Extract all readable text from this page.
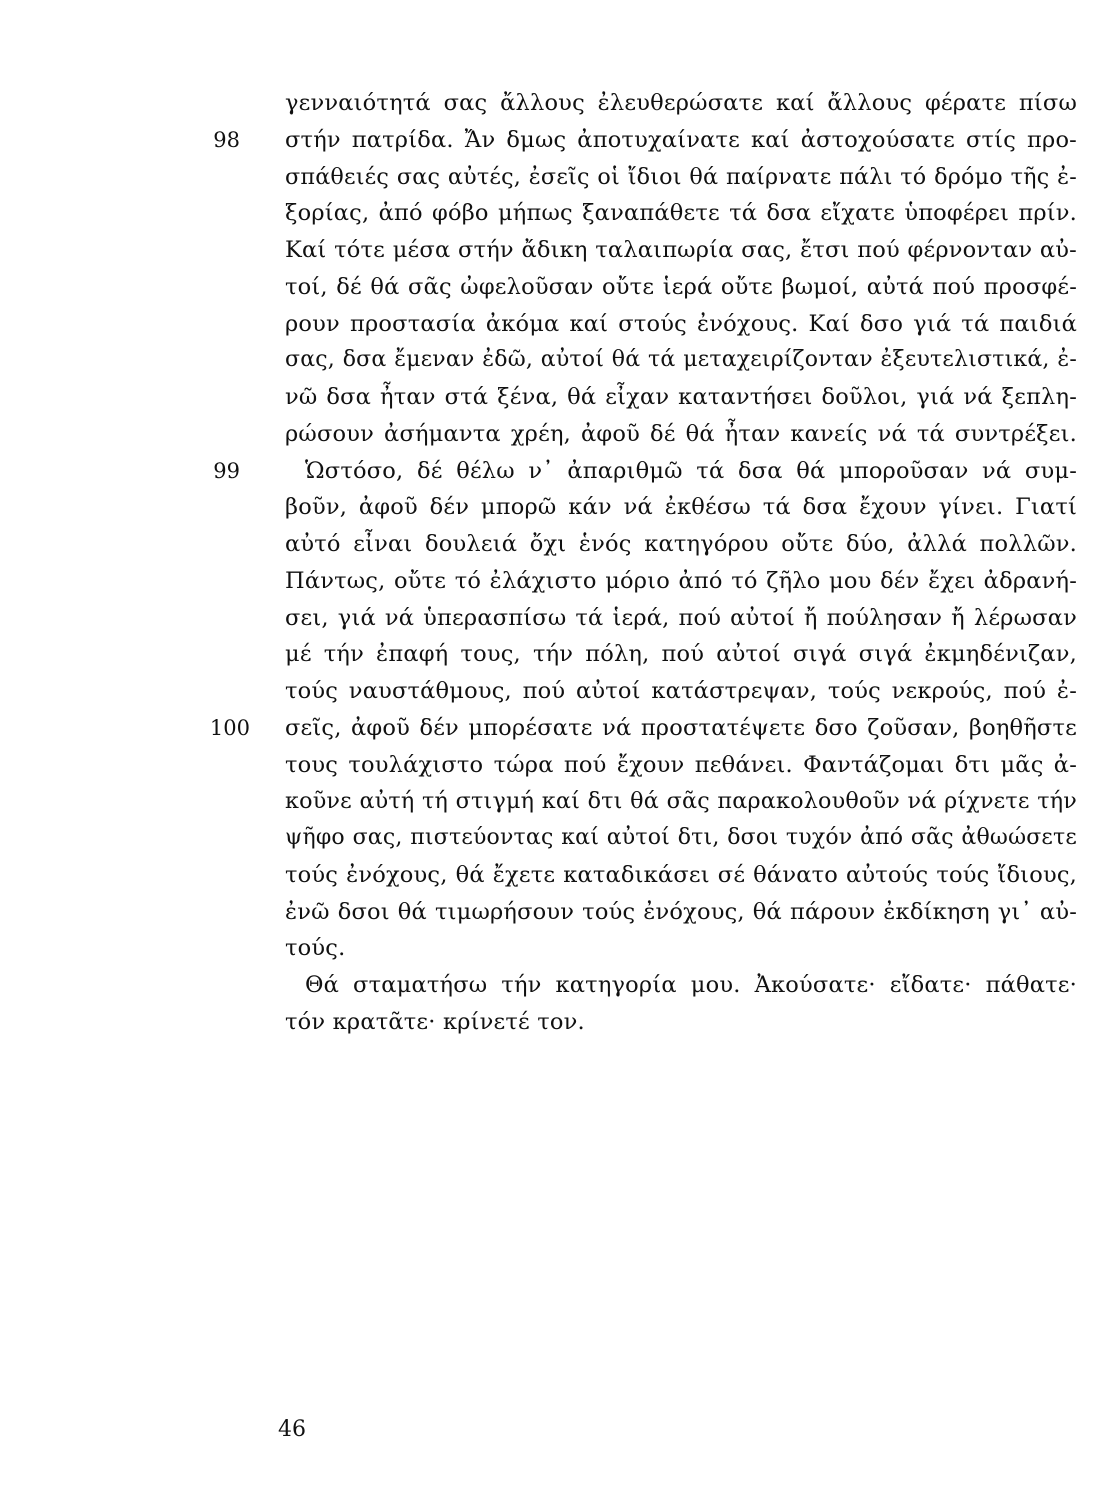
98
99
100
γενναιότητά σας ἄλλους ἐλευθερώσατε καί ἄλλους φέρατε πίσω
στήν πατρίδα. Ἄν δμως ἀποτυχαίνατε καί ἀστοχούσατε στίς προ-
σπάθειές σας αὐτές, ἐσεῖς οἱ ἴδιοι θά παίρνατε πάλι τό δρόμο τῆς ἐ-
ξορίας, ἀπό φόβο μήπως ξαναπάθετε τά δσα εἴχατε ὑποφέρει πρίν.
Καί τότε μέσα στήν ἄδικη ταλαιπωρία σας, ἔτσι πού φέρνονταν αὐ-
τοί, δέ θά σᾶς ὠφελοῦσαν οὔτε ἱερά οὔτε βωμοί, αὐτά πού προσφέ-
ρουν προστασία ἀκόμα καί στούς ἐνόχους. Καί δσο γιά τά παιδιά
σας, δσα ἔμεναν ἐδῶ, αὐτοί θά τά μεταχειρίζονταν ἐξευτελιστικά, ἐ-
νῶ δσα ἦταν στά ξένα, θά εἶχαν καταντήσει δοῦλοι, γιά νά ξεπλη-
ρώσουν ἀσήμαντα χρέη, ἀφοῦ δέ θά ἦταν κανείς νά τά συντρέξει.
Ὡστόσο, δέ θέλω ν᾽ ἀπαριθμῶ τά δσα θά μποροῦσαν νά συμ-
βοῦν, ἀφοῦ δέν μπορῶ κάν νά ἐκθέσω τά δσα ἔχουν γίνει. Γιατί
αὐτό εἶναι δουλειά ὄχι ἑνός κατηγόρου οὔτε δύο, ἀλλά πολλῶν.
Πάντως, οὔτε τό ἐλάχιστο μόριο ἀπό τό ζῆλο μου δέν ἔχει ἀδρανή-
σει, γιά νά ὑπερασπίσω τά ἱερά, πού αὐτοί ἤ πούλησαν ἤ λέρωσαν
μέ τήν ἐπαφή τους, τήν πόλη, πού αὐτοί σιγά σιγά ἐκμηδένιζαν,
τούς ναυστάθμους, πού αὐτοί κατάστρεψαν, τούς νεκρούς, πού ἐ-
σεῖς, ἀφοῦ δέν μπορέσατε νά προστατέψετε δσο ζοῦσαν, βοηθῆστε
τους τουλάχιστο τώρα πού ἔχουν πεθάνει. Φαντάζομαι δτι μᾶς ἀ-
κοῦνε αὐτή τή στιγμή καί δτι θά σᾶς παρακολουθοῦν νά ρίχνετε τήν
ψῆφο σας, πιστεύοντας καί αὐτοί δτι, δσοι τυχόν ἀπό σᾶς ἀθωώσετε
τούς ἐνόχους, θά ἔχετε καταδικάσει σέ θάνατο αὐτούς τούς ἴδιους,
ἐνῶ δσοι θά τιμωρήσουν τούς ἐνόχους, θά πάρουν ἐκδίκηση γι᾽ αὐ-
τούς.
Θά σταματήσω τήν κατηγορία μου. Ἀκούσατε· εἴδατε· πάθατε·
τόν κρατᾶτε· κρίνετέ τον.
46
